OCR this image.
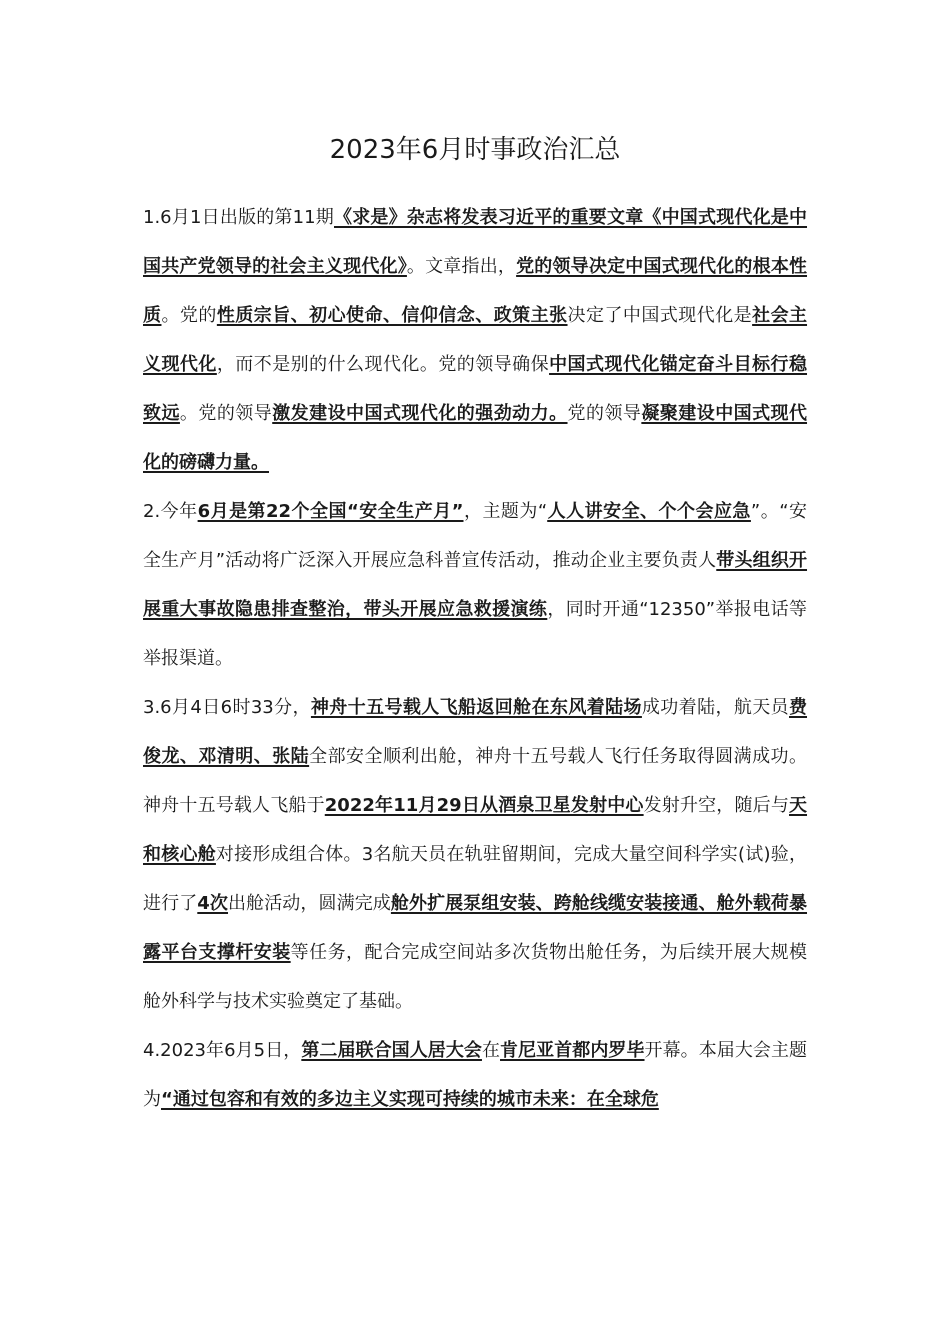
2023年6月时事政治汇总

1.6月1日出版的第11期《求是》杂志将发表习近平的重要文章《中国式现代化是中国共产党领导的社会主义现代化》。文章指出，党的领导决定中国式现代化的根本性质。党的性质宗旨、初心使命、信仰信念、政策主张决定了中国式现代化是社会主义现代化，而不是别的什么现代化。党的领导确保中国式现代化锚定奋斗目标行稳致远。党的领导激发建设中国式现代化的强劲动力。党的领导凝聚建设中国式现代化的磅礴力量。

2.今年6月是第22个全国“安全生产月”，主题为“人人讲安全、个个会应急”。“安全生产月”活动将广泛深入开展应急科普宣传活动，推动企业主要负责人带头组织开展重大事故隐患排查整治，带头开展应急救援演练，同时开通“12350”举报电话等举报渠道。

3.6月4日6时33分，神舟十五号载人飞船返回舱在东风着陆场成功着陆，航天员费俊龙、邓清明、张陆全部安全顺利出舱，神舟十五号载人飞行任务取得圆满成功。神舟十五号载人飞船于2022年11月29日从酒泉卫星发射中心发射升空，随后与天和核心舱对接形成组合体。3名航天员在轨驻留期间，完成大量空间科学实(试)验，进行了4次出舱活动，圆满完成舱外扩展泵组安装、跨舱线缆安装接通、舱外载荷暴露平台支撑杆安装等任务，配合完成空间站多次货物出舱任务，为后续开展大规模舱外科学与技术实验奠定了基础。

4.2023年6月5日，第二届联合国人居大会在肯尼亚首都内罗毕开幕。本届大会主题为“通过包容和有效的多边主义实现可持续的城市未来：在全球危
